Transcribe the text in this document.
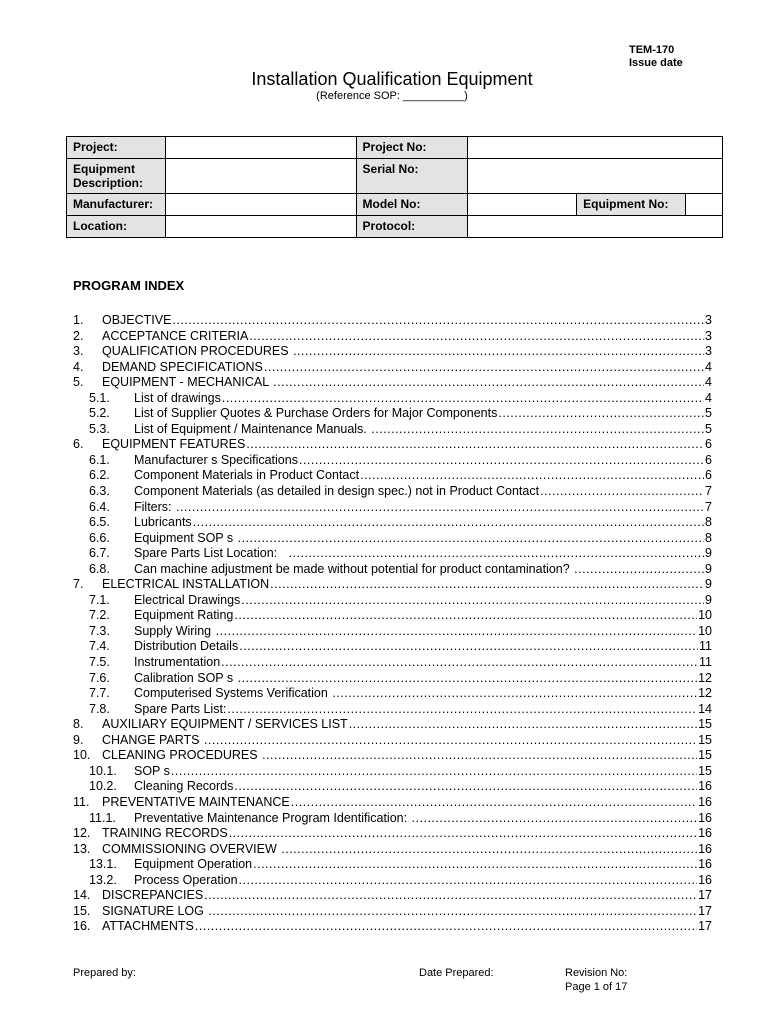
TEM-170
Issue date
Installation Qualification Equipment
(Reference SOP: __________)
Project:		Project No:			
Equipment Description:		Serial No:			
Manufacturer:		Model No:		Equipment No:	
Location:		Protocol:			
PROGRAM INDEX
1.	OBJECTIVE .....	3
2.	ACCEPTANCE CRITERIA .....	3
3.	QUALIFICATION PROCEDURES .....	3
4.	DEMAND SPECIFICATIONS .....	4
5.	EQUIPMENT - MECHANICAL .....	4
5.1.	List of drawings .....	4
5.2.	List of Supplier Quotes & Purchase Orders for Major Components .....	5
5.3.	List of Equipment / Maintenance Manuals. .....	5
6.	EQUIPMENT FEATURES .....	6
6.1.	Manufacturer s Specifications .....	6
6.2.	Component Materials in Product Contact .....	6
6.3.	Component Materials (as detailed in design spec.) not in Product Contact .....	7
6.4.	Filters: .....	7
6.5.	Lubricants .....	8
6.6.	Equipment SOP s .....	8
6.7.	Spare Parts List Location: .....	9
6.8.	Can machine adjustment be made without potential for product contamination? .....	9
7.	ELECTRICAL INSTALLATION .....	9
7.1.	Electrical Drawings .....	9
7.2.	Equipment Rating .....	10
7.3.	Supply Wiring .....	10
7.4.	Distribution Details .....	11
7.5.	Instrumentation .....	11
7.6.	Calibration SOP s .....	12
7.7.	Computerised Systems Verification .....	12
7.8.	Spare Parts List: .....	14
8.	AUXILIARY EQUIPMENT / SERVICES LIST .....	15
9.	CHANGE PARTS .....	15
10. CLEANING PROCEDURES .....	15
10.1.	SOP s .....	15
10.2.	Cleaning Records .....	16
11.	PREVENTATIVE MAINTENANCE .....	16
11.1.	Preventative Maintenance Program Identification: .....	16
12. TRAINING RECORDS .....	16
13. COMMISSIONING OVERVIEW .....	16
13.1.	Equipment Operation .....	16
13.2.	Process Operation .....	16
14. DISCREPANCIES .....	17
15. SIGNATURE LOG .....	17
16. ATTACHMENTS .....	17
Prepared by:	Date Prepared:	Revision No:
Page 1 of 17
